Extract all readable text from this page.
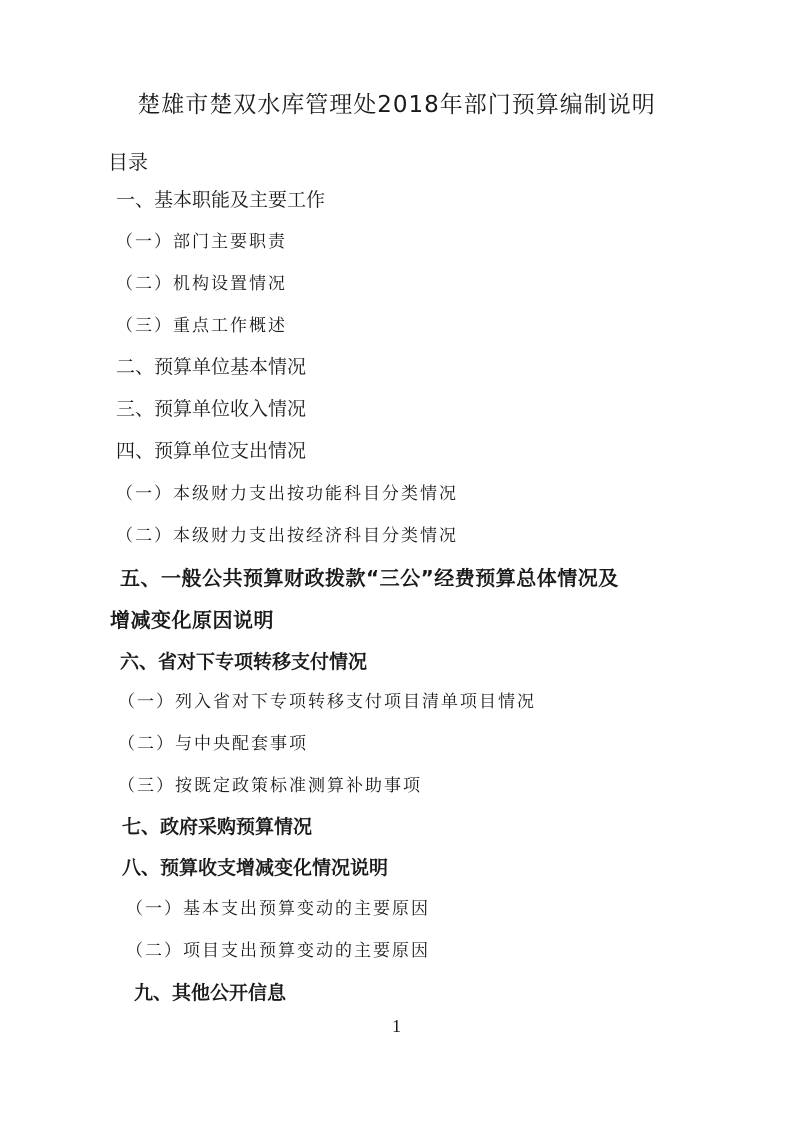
楚雄市楚双水库管理处2018年部门预算编制说明
目录
一、基本职能及主要工作
（一）部门主要职责
（二）机构设置情况
（三）重点工作概述
二、预算单位基本情况
三、预算单位收入情况
四、预算单位支出情况
（一）本级财力支出按功能科目分类情况
（二）本级财力支出按经济科目分类情况
五、一般公共预算财政拨款“三公”经费预算总体情况及
增减变化原因说明
六、省对下专项转移支付情况
（一）列入省对下专项转移支付项目清单项目情况
（二）与中央配套事项
（三）按既定政策标准测算补助事项
七、政府采购预算情况
八、预算收支增减变化情况说明
（一）基本支出预算变动的主要原因
（二）项目支出预算变动的主要原因
九、其他公开信息
1
